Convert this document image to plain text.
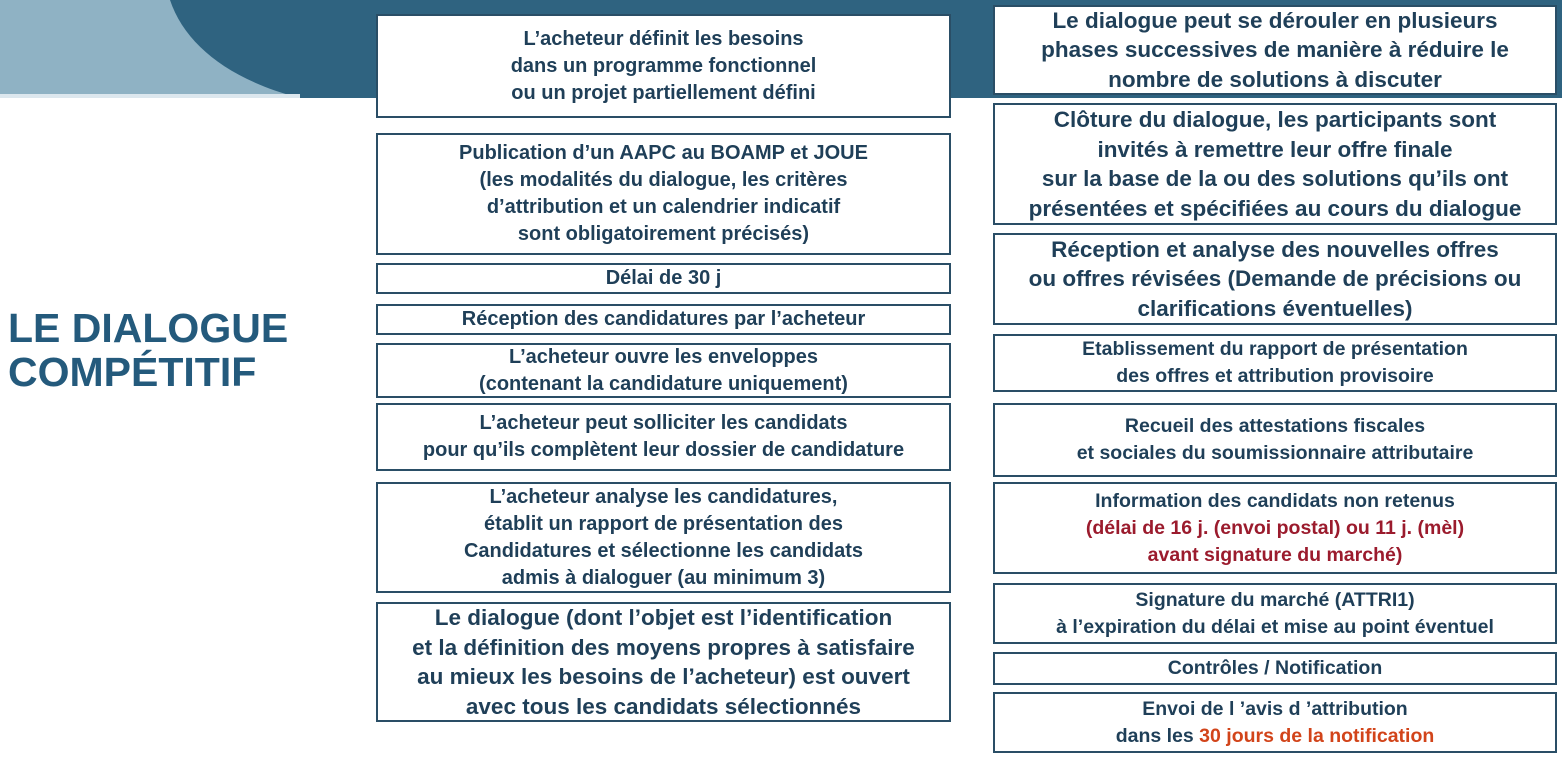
LE DIALOGUE
COMPÉTITIF
L’acheteur définit les besoins
dans un programme fonctionnel
ou un projet partiellement défini
Publication d’un AAPC au BOAMP et JOUE
(les modalités du dialogue, les critères
d’attribution et un calendrier indicatif
sont obligatoirement précisés)
Délai de 30 j
Réception des candidatures par l’acheteur
L’acheteur ouvre les enveloppes
(contenant la candidature uniquement)
L’acheteur peut solliciter les candidats
pour qu’ils complètent leur dossier de candidature
L’acheteur analyse les candidatures,
établit un rapport de présentation des
Candidatures et sélectionne les candidats
admis à dialoguer (au minimum 3)
Le dialogue (dont l’objet est l’identification
et la définition des moyens propres à satisfaire
au mieux les besoins de l’acheteur) est ouvert
avec tous les candidats sélectionnés
Le dialogue peut se dérouler en plusieurs
phases successives de manière à réduire le
nombre de solutions à discuter
Clôture du dialogue, les participants sont
invités à remettre leur offre finale
sur la base de la ou des solutions qu’ils ont
présentées et spécifiées au cours du dialogue
Réception et analyse des nouvelles offres
ou offres révisées (Demande de précisions ou
clarifications éventuelles)
Etablissement du rapport de présentation
des offres et attribution provisoire
Recueil des attestations fiscales
et sociales du soumissionnaire attributaire
Information des candidats non retenus
(délai de 16 j. (envoi postal) ou 11 j. (mèl)
avant signature du marché)
Signature du marché (ATTRI1)
à l’expiration du délai et mise au point éventuel
Contrôles / Notification
Envoi de l ’avis d ’attribution
dans les 30 jours de la notification
